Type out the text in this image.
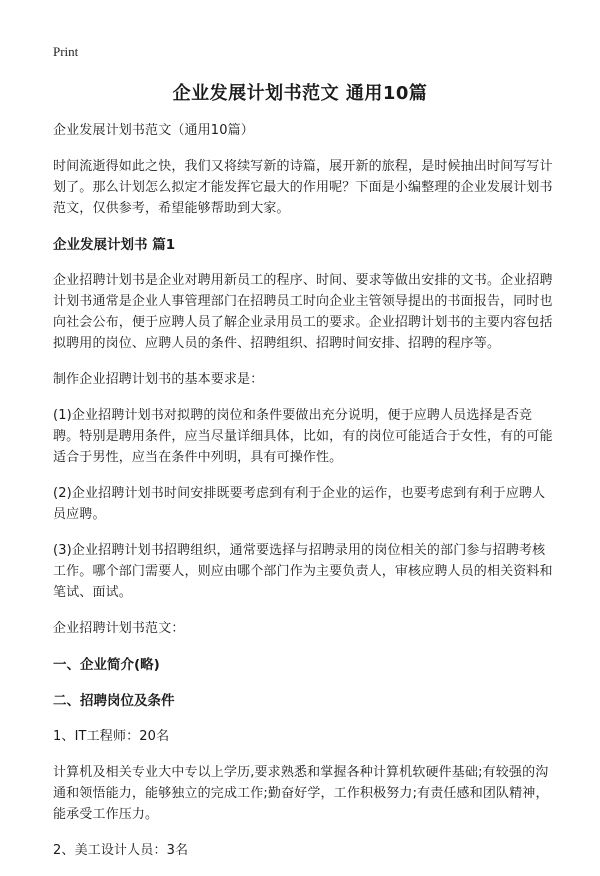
Print
企业发展计划书范文 通用10篇

企业发展计划书范文（通用10篇）

时间流逝得如此之快，我们又将续写新的诗篇，展开新的旅程，是时候抽出时间写写计划了。那么计划怎么拟定才能发挥它最大的作用呢？下面是小编整理的企业发展计划书范文，仅供参考，希望能够帮助到大家。

企业发展计划书 篇1

企业招聘计划书是企业对聘用新员工的程序、时间、要求等做出安排的文书。企业招聘计划书通常是企业人事管理部门在招聘员工时向企业主管领导提出的书面报告，同时也向社会公布，便于应聘人员了解企业录用员工的要求。企业招聘计划书的主要内容包括拟聘用的岗位、应聘人员的条件、招聘组织、招聘时间安排、招聘的程序等。

制作企业招聘计划书的基本要求是：

(1)企业招聘计划书对拟聘的岗位和条件要做出充分说明，便于应聘人员选择是否竞聘。特别是聘用条件，应当尽量详细具体，比如，有的岗位可能适合于女性，有的可能适合于男性，应当在条件中列明，具有可操作性。

(2)企业招聘计划书时间安排既要考虑到有利于企业的运作，也要考虑到有利于应聘人员应聘。

(3)企业招聘计划书招聘组织，通常要选择与招聘录用的岗位相关的部门参与招聘考核工作。哪个部门需要人，则应由哪个部门作为主要负责人，审核应聘人员的相关资料和笔试、面试。

企业招聘计划书范文：

一、企业简介(略)
二、招聘岗位及条件

1、IT工程师：20名

计算机及相关专业大中专以上学历,要求熟悉和掌握各种计算机软硬件基础;有较强的沟通和领悟能力，能够独立的完成工作;勤奋好学，工作积极努力;有责任感和团队精神，能承受工作压力。

2、美工设计人员：3名
